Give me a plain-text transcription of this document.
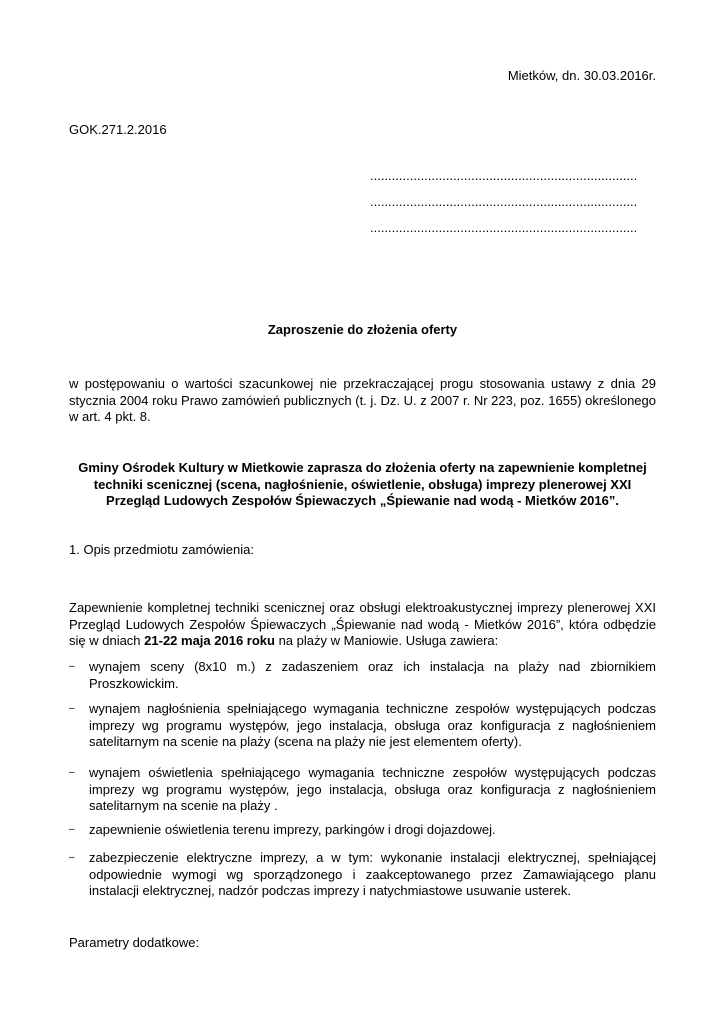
Mietków, dn. 30.03.2016r.
GOK.271.2.2016
..........................................................................
..........................................................................
..........................................................................
Zaproszenie do złożenia oferty
w postępowaniu o wartości szacunkowej nie przekraczającej progu stosowania ustawy z dnia 29 stycznia 2004 roku Prawo zamówień publicznych (t. j. Dz. U. z 2007 r. Nr 223, poz. 1655) określonego w art. 4 pkt. 8.
Gminy Ośrodek Kultury w Mietkowie zaprasza do złożenia oferty na zapewnienie kompletnej techniki scenicznej (scena, nagłośnienie, oświetlenie, obsługa) imprezy plenerowej XXI Przegląd Ludowych Zespołów Śpiewaczych „Śpiewanie nad wodą - Mietków 2016”.
1. Opis przedmiotu zamówienia:
Zapewnienie kompletnej techniki scenicznej oraz obsługi elektroakustycznej imprezy plenerowej XXI Przegląd Ludowych Zespołów Śpiewaczych „Śpiewanie nad wodą - Mietków 2016”, która odbędzie się w dniach 21-22 maja 2016 roku na plaży w Maniowie. Usługa zawiera:
– wynajem sceny (8x10 m.) z zadaszeniem oraz ich instalacja na plaży nad zbiornikiem Proszkowickim.
– wynajem nagłośnienia spełniającego wymagania techniczne zespołów występujących podczas imprezy wg programu występów, jego instalacja, obsługa oraz konfiguracja z nagłośnieniem satelitarnym na scenie na plaży (scena na plaży nie jest elementem oferty).
– wynajem oświetlenia spełniającego wymagania techniczne zespołów występujących podczas imprezy wg programu występów, jego instalacja, obsługa oraz konfiguracja z nagłośnieniem satelitarnym na scenie na plaży .
– zapewnienie oświetlenia terenu imprezy, parkingów i drogi dojazdowej.
– zabezpieczenie elektryczne imprezy, a w tym: wykonanie instalacji elektrycznej, spełniającej odpowiednie wymogi wg sporządzonego i zaakceptowanego przez Zamawiającego planu instalacji elektrycznej, nadzór podczas imprezy i natychmiastowe usuwanie usterek.
Parametry dodatkowe:
